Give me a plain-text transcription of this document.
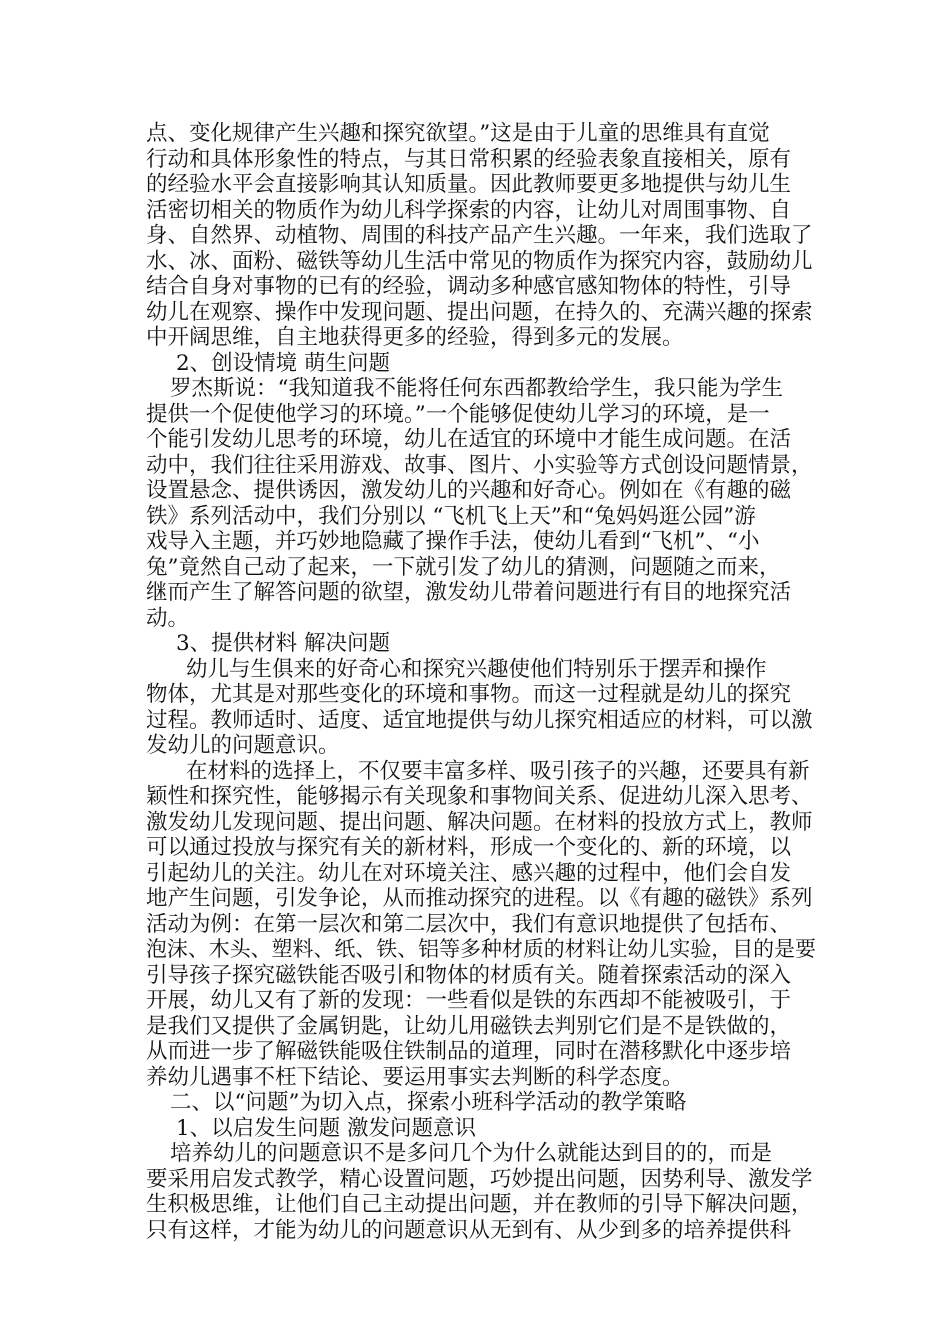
点、变化规律产生兴趣和探究欲望。”这是由于儿童的思维具有直觉
行动和具体形象性的特点，与其日常积累的经验表象直接相关，原有
的经验水平会直接影响其认知质量。因此教师要更多地提供与幼儿生
活密切相关的物质作为幼儿科学探索的内容，让幼儿对周围事物、自
身、自然界、动植物、周围的科技产品产生兴趣。一年来，我们选取了
水、冰、面粉、磁铁等幼儿生活中常见的物质作为探究内容，鼓励幼儿
结合自身对事物的已有的经验，调动多种感官感知物体的特性，引导
幼儿在观察、操作中发现问题、提出问题，在持久的、充满兴趣的探索
中开阔思维，自主地获得更多的经验，得到多元的发展。
2、创设情境 萌生问题
罗杰斯说：“我知道我不能将任何东西都教给学生，我只能为学生
提供一个促使他学习的环境。”一个能够促使幼儿学习的环境，是一
个能引发幼儿思考的环境，幼儿在适宜的环境中才能生成问题。在活
动中，我们往往采用游戏、故事、图片、小实验等方式创设问题情景，
设置悬念、提供诱因，激发幼儿的兴趣和好奇心。例如在《有趣的磁
铁》系列活动中，我们分别以 “飞机飞上天”和“兔妈妈逛公园”游
戏导入主题，并巧妙地隐藏了操作手法，使幼儿看到“飞机”、“小
兔”竟然自己动了起来，一下就引发了幼儿的猜测，问题随之而来，
继而产生了解答问题的欲望，激发幼儿带着问题进行有目的地探究活
动。
3、提供材料 解决问题
幼儿与生俱来的好奇心和探究兴趣使他们特别乐于摆弄和操作
物体，尤其是对那些变化的环境和事物。而这一过程就是幼儿的探究
过程。教师适时、适度、适宜地提供与幼儿探究相适应的材料，可以激
发幼儿的问题意识。
在材料的选择上，不仅要丰富多样、吸引孩子的兴趣，还要具有新
颖性和探究性，能够揭示有关现象和事物间关系、促进幼儿深入思考、
激发幼儿发现问题、提出问题、解决问题。在材料的投放方式上，教师
可以通过投放与探究有关的新材料，形成一个变化的、新的环境，以
引起幼儿的关注。幼儿在对环境关注、感兴趣的过程中，他们会自发
地产生问题，引发争论，从而推动探究的进程。以《有趣的磁铁》系列
活动为例：在第一层次和第二层次中，我们有意识地提供了包括布、
泡沫、木头、塑料、纸、铁、铝等多种材质的材料让幼儿实验，目的是要
引导孩子探究磁铁能否吸引和物体的材质有关。随着探索活动的深入
开展，幼儿又有了新的发现：一些看似是铁的东西却不能被吸引，于
是我们又提供了金属钥匙，让幼儿用磁铁去判别它们是不是铁做的，
从而进一步了解磁铁能吸住铁制品的道理，同时在潜移默化中逐步培
养幼儿遇事不枉下结论、要运用事实去判断的科学态度。
二、以“问题”为切入点，探索小班科学活动的教学策略
1、以启发生问题 激发问题意识
培养幼儿的问题意识不是多问几个为什么就能达到目的的，而是
要采用启发式教学，精心设置问题，巧妙提出问题，因势利导、激发学
生积极思维，让他们自己主动提出问题，并在教师的引导下解决问题，
只有这样，才能为幼儿的问题意识从无到有、从少到多的培养提供科
